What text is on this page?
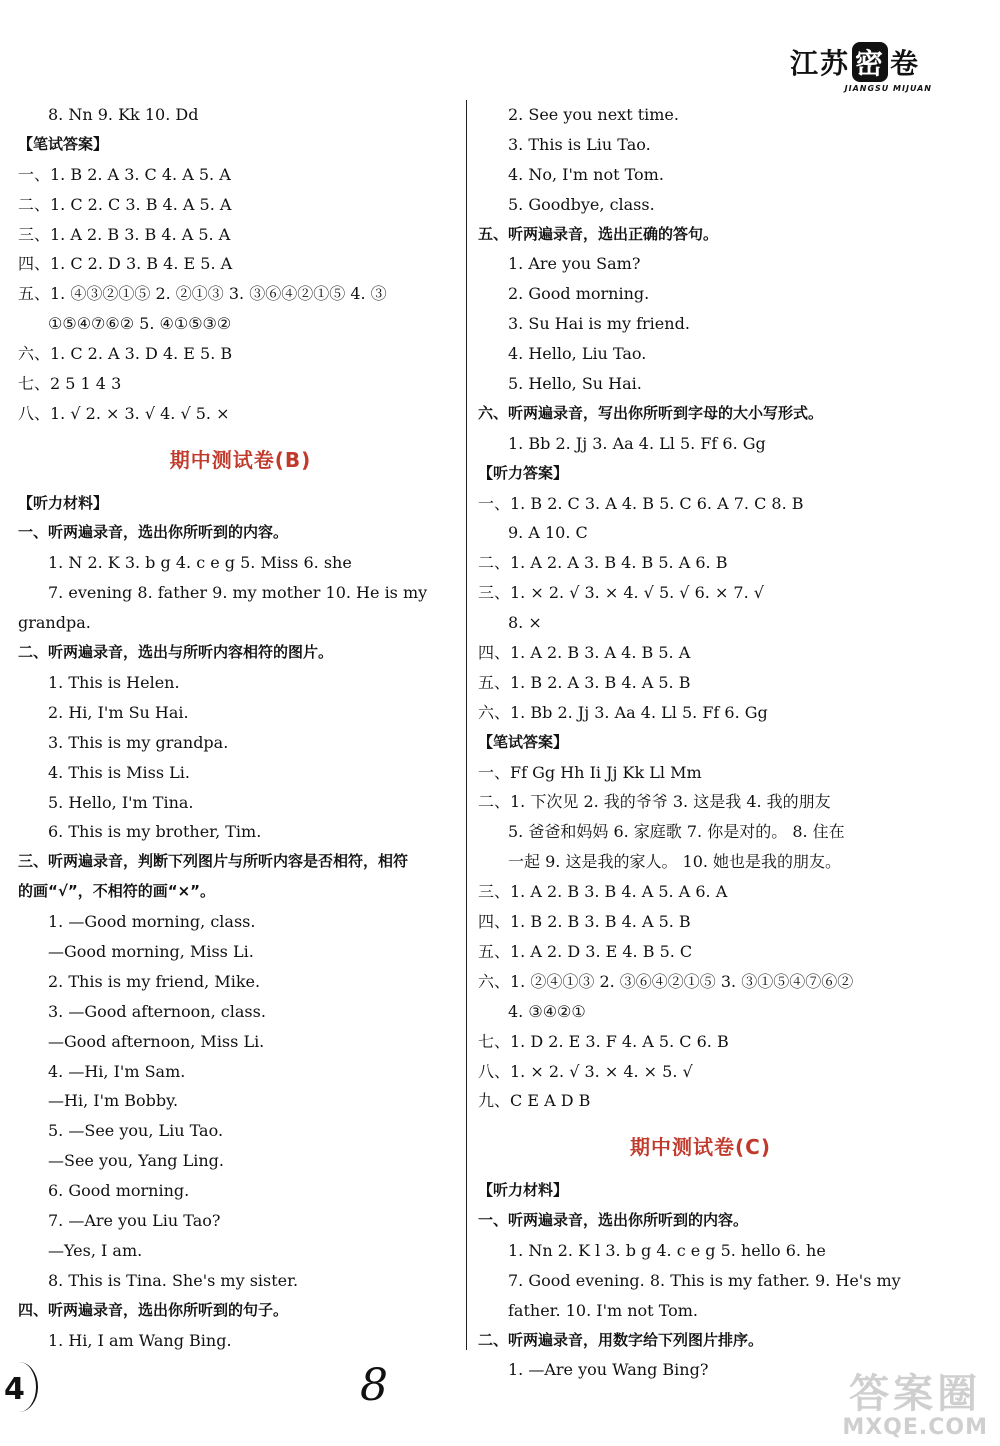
江苏 密 卷
JIANGSU MIJUAN
8. Nn 9. Kk 10. Dd
【笔试答案】
一、1. B 2. A 3. C 4. A 5. A
二、1. C 2. C 3. B 4. A 5. A
三、1. A 2. B 3. B 4. A 5. A
四、1. C 2. D 3. B 4. E 5. A
五、1. ④③②①⑤ 2. ②①③ 3. ③⑥④②①⑤ 4. ③
①⑤④⑦⑥② 5. ④①⑤③②
六、1. C 2. A 3. D 4. E 5. B
七、2 5 1 4 3
八、1. √ 2. × 3. √ 4. √ 5. ×
期中测试卷(B)
【听力材料】
一、听两遍录音，选出你所听到的内容。
1. N 2. K 3. b g 4. c e g 5. Miss 6. she
7. evening 8. father 9. my mother 10. He is my
grandpa.
二、听两遍录音，选出与所听内容相符的图片。
1. This is Helen.
2. Hi, I'm Su Hai.
3. This is my grandpa.
4. This is Miss Li.
5. Hello, I'm Tina.
6. This is my brother, Tim.
三、听两遍录音，判断下列图片与所听内容是否相符，相符
的画“√”，不相符的画“×”。
1. —Good morning, class.
—Good morning, Miss Li.
2. This is my friend, Mike.
3. —Good afternoon, class.
—Good afternoon, Miss Li.
4. —Hi, I'm Sam.
—Hi, I'm Bobby.
5. —See you, Liu Tao.
—See you, Yang Ling.
6. Good morning.
7. —Are you Liu Tao?
—Yes, I am.
8. This is Tina. She's my sister.
四、听两遍录音，选出你所听到的句子。
1. Hi, I am Wang Bing.
2. See you next time.
3. This is Liu Tao.
4. No, I'm not Tom.
5. Goodbye, class.
五、听两遍录音，选出正确的答句。
1. Are you Sam?
2. Good morning.
3. Su Hai is my friend.
4. Hello, Liu Tao.
5. Hello, Su Hai.
六、听两遍录音，写出你所听到字母的大小写形式。
1. Bb 2. Jj 3. Aa 4. Ll 5. Ff 6. Gg
【听力答案】
一、1. B 2. C 3. A 4. B 5. C 6. A 7. C 8. B
9. A 10. C
二、1. A 2. A 3. B 4. B 5. A 6. B
三、1. × 2. √ 3. × 4. √ 5. √ 6. × 7. √
8. ×
四、1. A 2. B 3. A 4. B 5. A
五、1. B 2. A 3. B 4. A 5. B
六、1. Bb 2. Jj 3. Aa 4. Ll 5. Ff 6. Gg
【笔试答案】
一、Ff Gg Hh Ii Jj Kk Ll Mm
二、1. 下次见 2. 我的爷爷 3. 这是我 4. 我的朋友
5. 爸爸和妈妈 6. 家庭歌 7. 你是对的。 8. 住在
一起 9. 这是我的家人。 10. 她也是我的朋友。
三、1. A 2. B 3. B 4. A 5. A 6. A
四、1. B 2. B 3. B 4. A 5. B
五、1. A 2. D 3. E 4. B 5. C
六、1. ②④①③ 2. ③⑥④②①⑤ 3. ③①⑤④⑦⑥②
4. ③④②①
七、1. D 2. E 3. F 4. A 5. C 6. B
八、1. × 2. √ 3. × 4. × 5. √
九、C E A D B
期中测试卷(C)
【听力材料】
一、听两遍录音，选出你所听到的内容。
1. Nn 2. K l 3. b g 4. c e g 5. hello 6. he
7. Good evening. 8. This is my father. 9. He's my
father. 10. I'm not Tom.
二、听两遍录音，用数字给下列图片排序。
1. —Are you Wang Bing?
4	8	答案圈
MXQE.COM
